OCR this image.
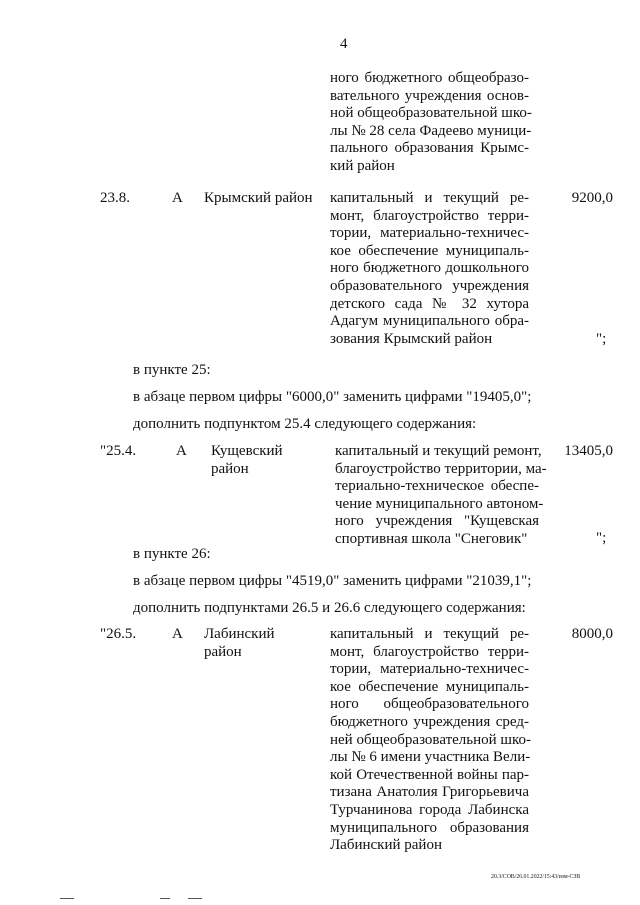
4
ного бюджетного общеобразо-
вательного учреждения основ-
ной общеобразовательной шко-
лы № 28 села Фадеево муници-
пального образования Крымс-
кий район
23.8.	А Крымский район капитальный и текущий ре-
монт, благоустройство терри-
тории, материально-техничес-
кое обеспечение муниципаль-
ного бюджетного дошкольного
образовательного учреждения
детского сада № 32 хутора
Адагум муниципального обра-
зования Крымский район
9200,0
";
в пункте 25:
в абзаце первом цифры "6000,0" заменить цифрами "19405,0";
дополнить подпунктом 25.4 следующего содержания:
"25.4.	А Кущевский
район
капитальный и текущий ремонт,
благоустройство территории, ма-
териально-техническое обеспе-
чение муниципального автоном-
ного учреждения "Кущевская
спортивная школа "Снеговик"
13405,0
";
в пункте 26:
в абзаце первом цифры "4519,0" заменить цифрами "21039,1";
дополнить подпунктами 26.5 и 26.6 следующего содержания:
"26.5. А Лабинский
район
капитальный и текущий ре-
монт, благоустройство терри-
тории, материально-техничес-
кое обеспечение муниципаль-
ного общеобразовательного
бюджетного учреждения сред-
ней общеобразовательной шко-
лы № 6 имени участника Вели-
кой Отечественной войны пар-
тизана Анатолия Григорьевича
Турчанинова города Лабинска
муниципального образования
Лабинский район
8000,0
20.3/СОВ/26.01.2022/15:43/изм-СЗВ
